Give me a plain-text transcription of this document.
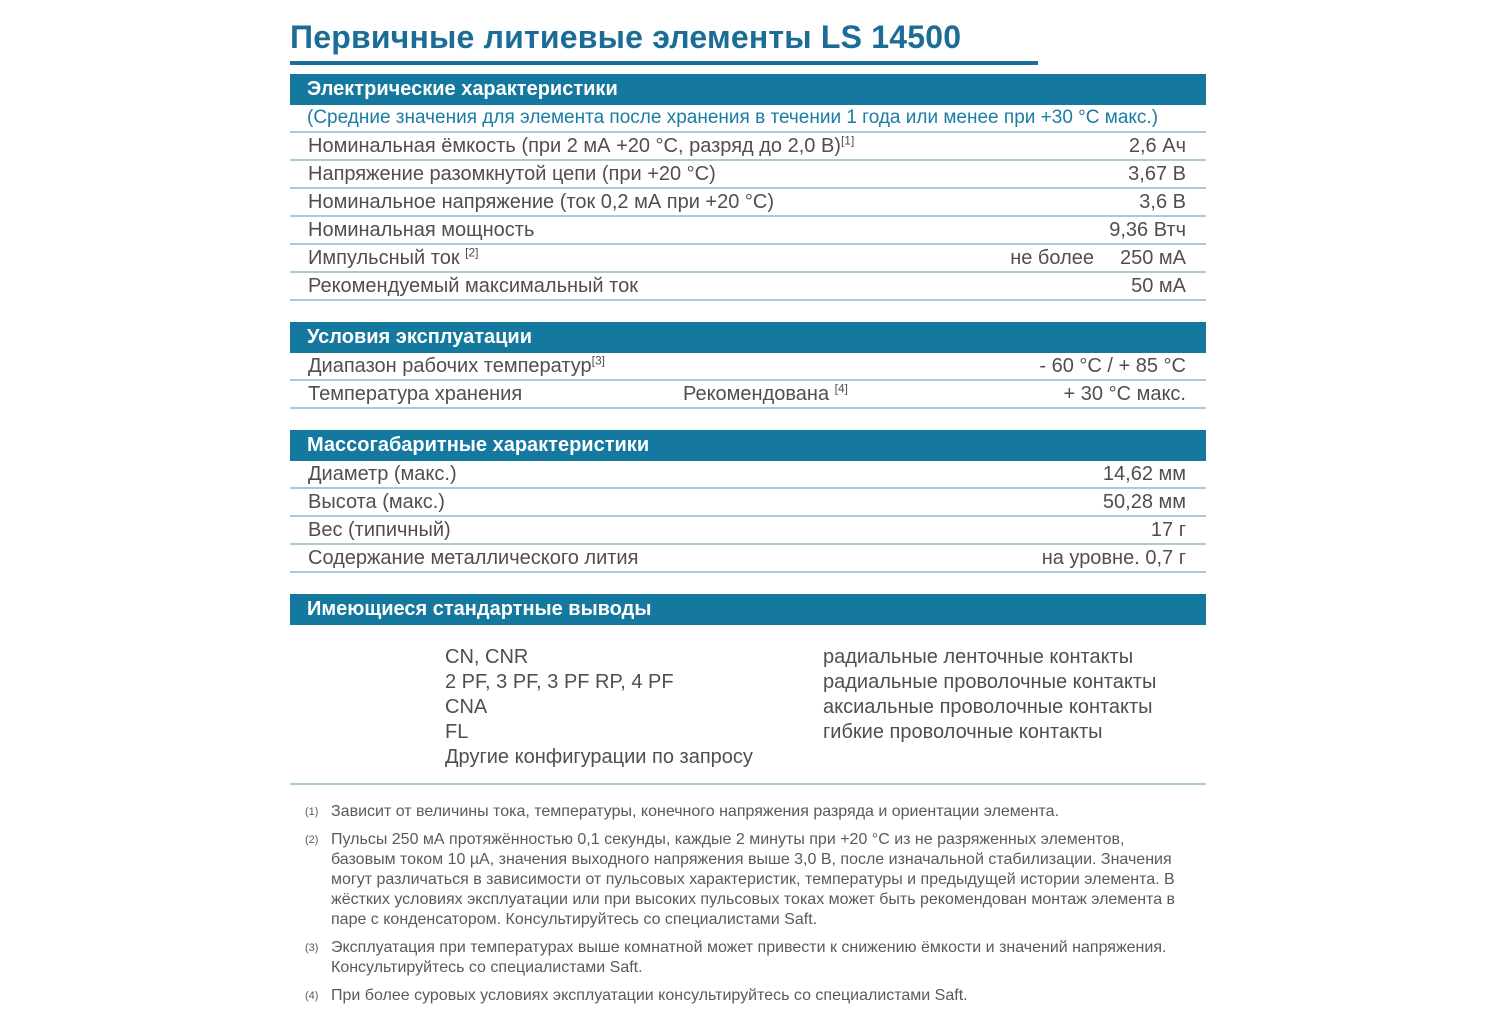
Первичные литиевые элементы LS 14500
Электрические характеристики
(Средние значения для элемента после хранения в течении 1 года или менее при +30 °C макс.)
Номинальная ёмкость (при 2 мА +20 °C, разряд до 2,0 В)[1]	2,6 Ач
Напряжение разомкнутой цепи (при +20 °C)	3,67 В
Номинальное напряжение (ток 0,2 мА при +20 °C)	3,6 В
Номинальная мощность	9,36 Втч
Импульсный ток [2]	не более 250 мА
Рекомендуемый максимальный ток	50 мА
Условия эксплуатации
Диапазон рабочих температур[3]	- 60 °C / + 85 °C
Температура хранения	Рекомендована [4]	+ 30 °C макс.
Массогабаритные характеристики
Диаметр (макс.)	14,62 мм
Высота (макс.)	50,28 мм
Вес (типичный)	17 г
Содержание металлического лития	на уровне. 0,7 г
Имеющиеся стандартные выводы
CN, CNR	радиальные ленточные контакты
2 PF, 3 PF, 3 PF RP, 4 PF	радиальные проволочные контакты
CNA	аксиальные проволочные контакты
FL	гибкие проволочные контакты
Другие конфигурации по запросу
(1) Зависит от величины тока, температуры, конечного напряжения разряда и ориентации элемента.
(2) Пульсы 250 мА протяжённостью 0,1 секунды, каждые 2 минуты при +20 °C из не разряженных элементов, базовым током 10 µА, значения выходного напряжения выше 3,0 В, после изначальной стабилизации. Значения могут различаться в зависимости от пульсовых характеристик, температуры и предыдущей истории элемента. В жёстких условиях эксплуатации или при высоких пульсовых токах может быть рекомендован монтаж элемента в паре с конденсатором. Консультируйтесь со специалистами Saft.
(3) Эксплуатация при температурах выше комнатной может привести к снижению ёмкости и значений напряжения. Консультируйтесь со специалистами Saft.
(4) При более суровых условиях эксплуатации консультируйтесь со специалистами Saft.
